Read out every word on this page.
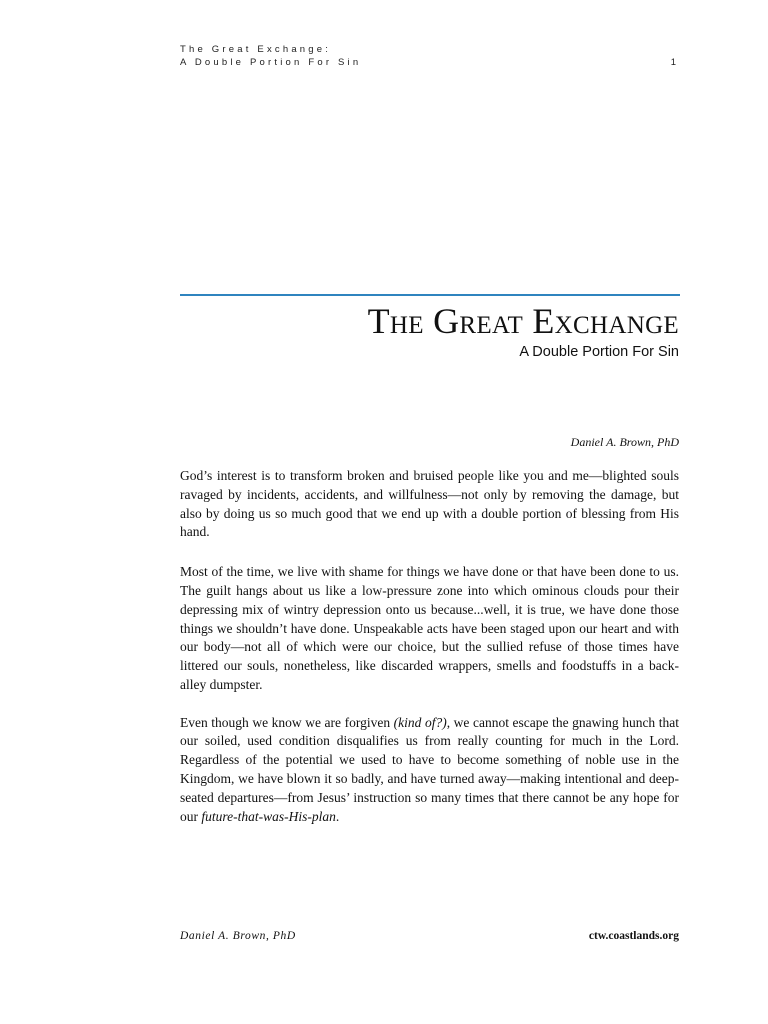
The Great Exchange:
A Double Portion For Sin	1
The Great Exchange
A Double Portion For Sin
Daniel A. Brown, PhD

God’s interest is to transform broken and bruised people like you and me—blighted souls ravaged by incidents, accidents, and willfulness—not only by removing the damage, but also by doing us so much good that we end up with a double portion of blessing from His hand.

Most of the time, we live with shame for things we have done or that have been done to us. The guilt hangs about us like a low-pressure zone into which ominous clouds pour their depressing mix of wintry depression onto us because...well, it is true, we have done those things we shouldn’t have done. Unspeakable acts have been staged upon our heart and with our body—not all of which were our choice, but the sullied refuse of those times have littered our souls, nonetheless, like discarded wrappers, smells and foodstuffs in a back-alley dumpster.

Even though we know we are forgiven (kind of?), we cannot escape the gnawing hunch that our soiled, used condition disqualifies us from really counting for much in the Lord. Regardless of the potential we used to have to become something of noble use in the Kingdom, we have blown it so badly, and have turned away—making intentional and deep-seated departures—from Jesus’ instruction so many times that there cannot be any hope for our future-that-was-His-plan.

Daniel A. Brown, PhD	ctw.coastlands.org
